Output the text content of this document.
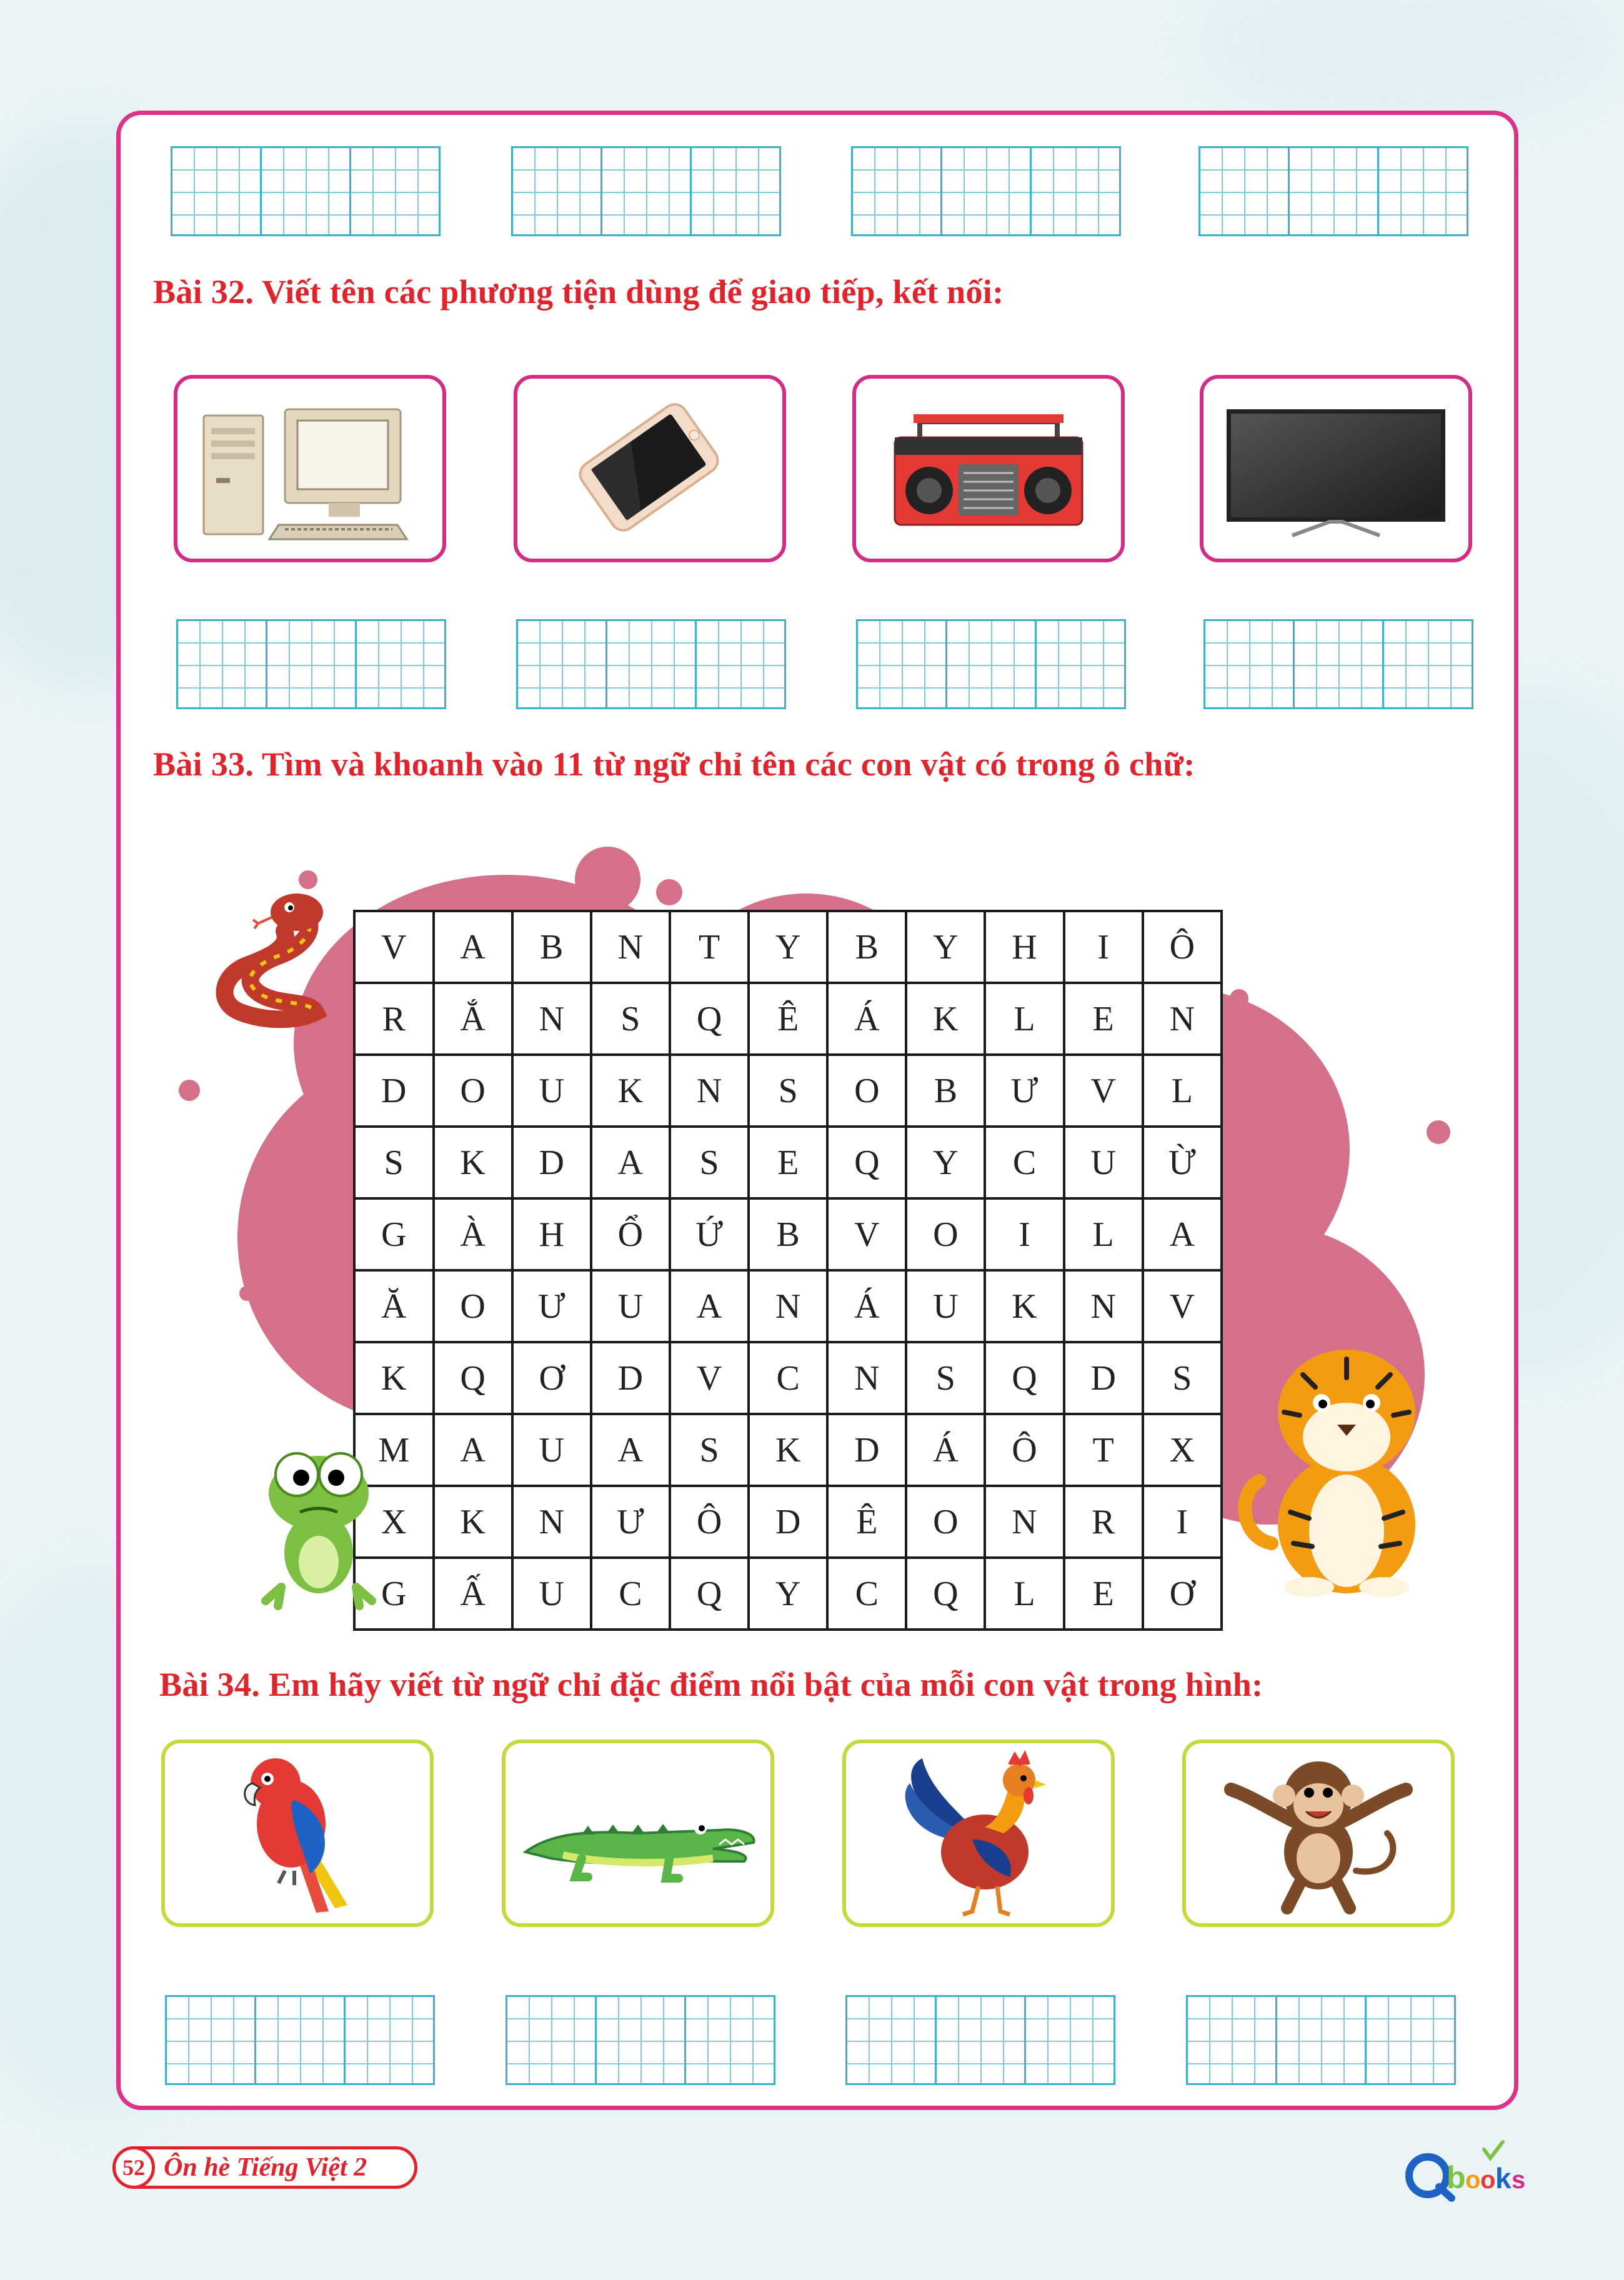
Bài 32. Viết tên các phương tiện dùng để giao tiếp, kết nối:
Bài 33. Tìm và khoanh vào 11 từ ngữ chỉ tên các con vật có trong ô chữ:
V	A	B	N	T	Y	B	Y	H	I	Ô
R	Ắ	N	S	Q	Ê	Á	K	L	E	N
D	O	U	K	N	S	O	B	Ư	V	L
S	K	D	A	S	E	Q	Y	C	U	Ừ
G	À	H	Ổ	Ứ	B	V	O	I	L	A
Ă	O	Ư	U	A	N	Á	U	K	N	V
K	Q	Ơ	D	V	C	N	S	Q	D	S
M	A	U	A	S	K	D	Á	Ô	T	X
X	K	N	Ư	Ô	D	Ê	O	N	R	I
G	Ấ	U	C	Q	Y	C	Q	L	E	Ơ
Bài 34. Em hãy viết từ ngữ chỉ đặc điểm nổi bật của mỗi con vật trong hình:
52 Ôn hè Tiếng Việt 2	b o o k s
